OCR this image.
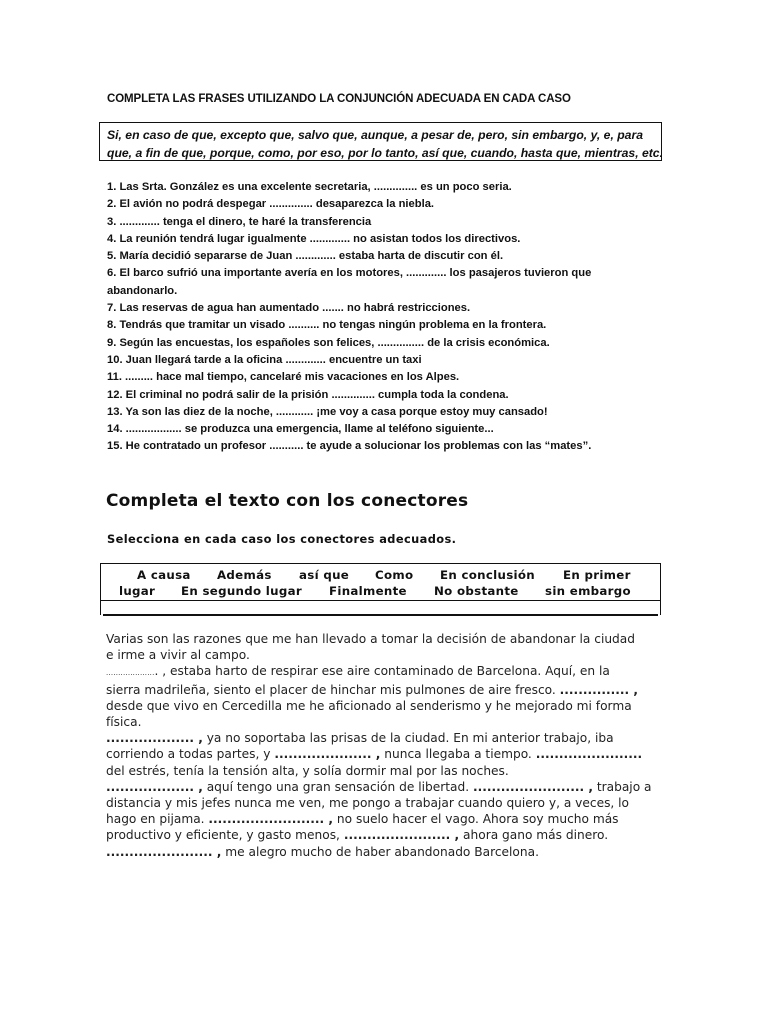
COMPLETA LAS FRASES UTILIZANDO LA CONJUNCIÓN ADECUADA EN CADA CASO
Si, en caso de que, excepto que, salvo que, aunque, a pesar de, pero, sin embargo, y, e, para
que, a fin de que, porque, como, por eso, por lo tanto, así que, cuando, hasta que, mientras, etc.
1. Las Srta. González es una excelente secretaria, .............. es un poco seria.
2. El avión no podrá despegar .............. desaparezca la niebla.
3. ............. tenga el dinero, te haré la transferencia
4. La reunión tendrá lugar igualmente ............. no asistan todos los directivos.
5. María decidió separarse de Juan ............. estaba harta de discutir con él.
6. El barco sufrió una importante avería en los motores, ............. los pasajeros tuvieron que
abandonarlo.
7. Las reservas de agua han aumentado ....... no habrá restricciones.
8. Tendrás que tramitar un visado .......... no tengas ningún problema en la frontera.
9. Según las encuestas, los españoles son felices, ............... de la crisis económica.
10. Juan llegará tarde a la oficina ............. encuentre un taxi
11. ......... hace mal tiempo, cancelaré mis vacaciones en los Alpes.
12. El criminal no podrá salir de la prisión .............. cumpla toda la condena.
13. Ya son las diez de la noche, ............ ¡me voy a casa porque estoy muy cansado!
14. .................. se produzca una emergencia, llame al teléfono siguiente...
15. He contratado un profesor ........... te ayude a solucionar los problemas con las “mates”.
Completa el texto con los conectores
Selecciona en cada caso los conectores adecuados.
A causa Además así que Como En conclusión En primer
lugar En segundo lugar Finalmente No obstante sin embargo
Varias son las razones que me han llevado a tomar la decisión de abandonar la ciudad
e irme a vivir al campo.
..................... , estaba harto de respirar ese aire contaminado de Barcelona. Aquí, en la
sierra madrileña, siento el placer de hinchar mis pulmones de aire fresco. ............... ,
desde que vivo en Cercedilla me he aficionado al senderismo y he mejorado mi forma
física.
................... , ya no soportaba las prisas de la ciudad. En mi anterior trabajo, iba
corriendo a todas partes, y ..................... , nunca llegaba a tiempo. .......................
del estrés, tenía la tensión alta, y solía dormir mal por las noches.
................... , aquí tengo una gran sensación de libertad. ........................ , trabajo a
distancia y mis jefes nunca me ven, me pongo a trabajar cuando quiero y, a veces, lo
hago en pijama. ......................... , no suelo hacer el vago. Ahora soy mucho más
productivo y eficiente, y gasto menos, ....................... , ahora gano más dinero.
....................... , me alegro mucho de haber abandonado Barcelona.
